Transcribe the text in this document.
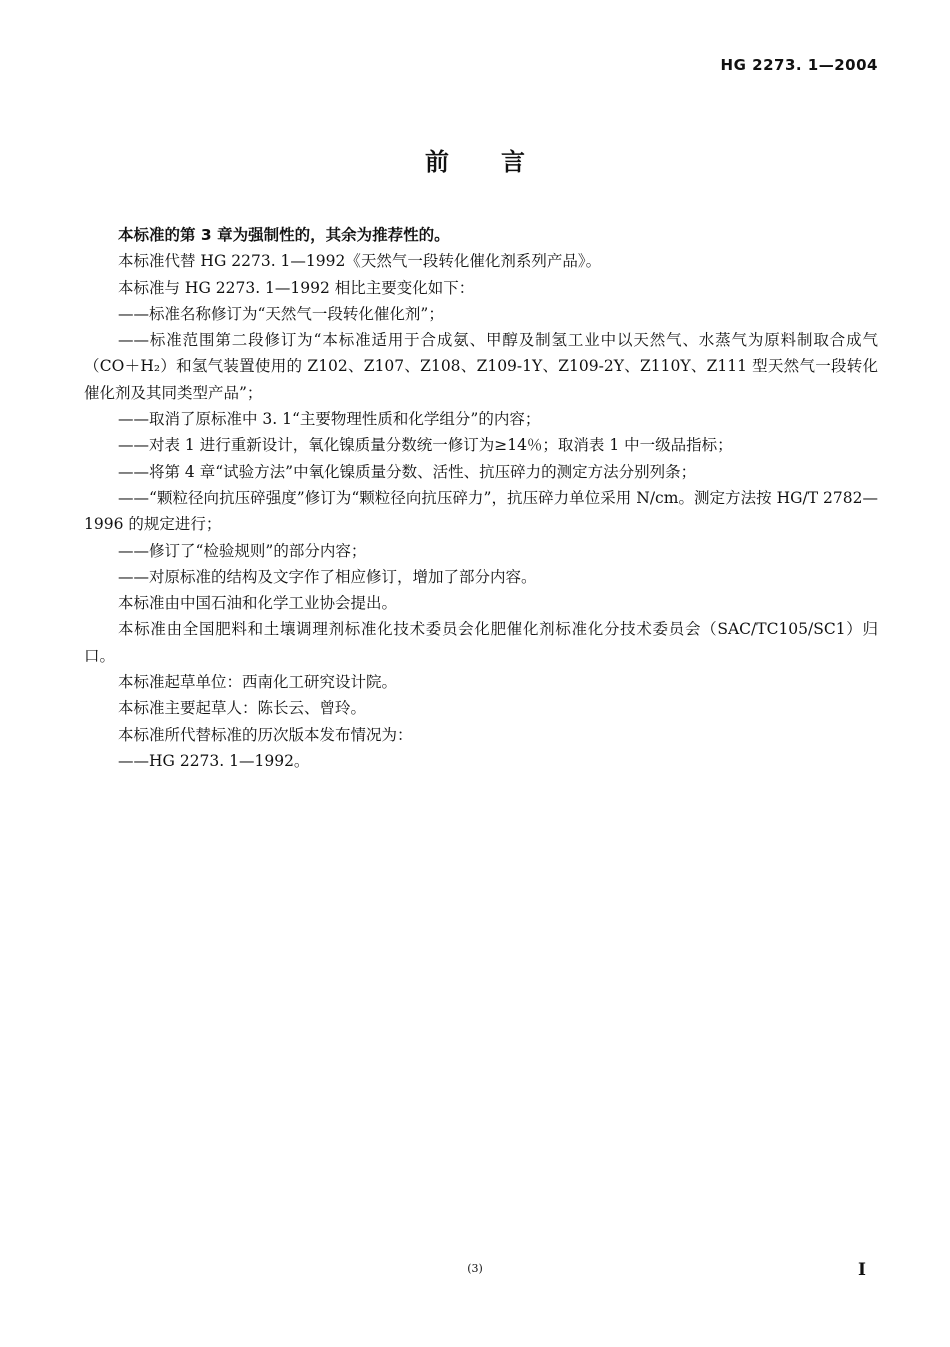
HG 2273. 1—2004
前 言

本标准的第 3 章为强制性的，其余为推荐性的。

本标准代替 HG 2273. 1—1992《天然气一段转化催化剂系列产品》。

本标准与 HG 2273. 1—1992 相比主要变化如下：

——标准名称修订为“天然气一段转化催化剂”；

——标准范围第二段修订为“本标准适用于合成氨、甲醇及制氢工业中以天然气、水蒸气为原料制取合成气（CO＋H₂）和氢气装置使用的 Z102、Z107、Z108、Z109-1Y、Z109-2Y、Z110Y、Z111 型天然气一段转化催化剂及其同类型产品”；

——取消了原标准中 3. 1“主要物理性质和化学组分”的内容；

——对表 1 进行重新设计，氧化镍质量分数统一修订为≥14％；取消表 1 中一级品指标；

——将第 4 章“试验方法”中氧化镍质量分数、活性、抗压碎力的测定方法分别列条；

——“颗粒径向抗压碎强度”修订为“颗粒径向抗压碎力”，抗压碎力单位采用 N/cm。测定方法按 HG/T 2782—1996 的规定进行；

——修订了“检验规则”的部分内容；

——对原标准的结构及文字作了相应修订，增加了部分内容。

本标准由中国石油和化学工业协会提出。

本标准由全国肥料和土壤调理剂标准化技术委员会化肥催化剂标准化分技术委员会（SAC/TC105/SC1）归口。

本标准起草单位：西南化工研究设计院。

本标准主要起草人：陈长云、曾玲。

本标准所代替标准的历次版本发布情况为：

——HG 2273. 1—1992。

(3)	I
